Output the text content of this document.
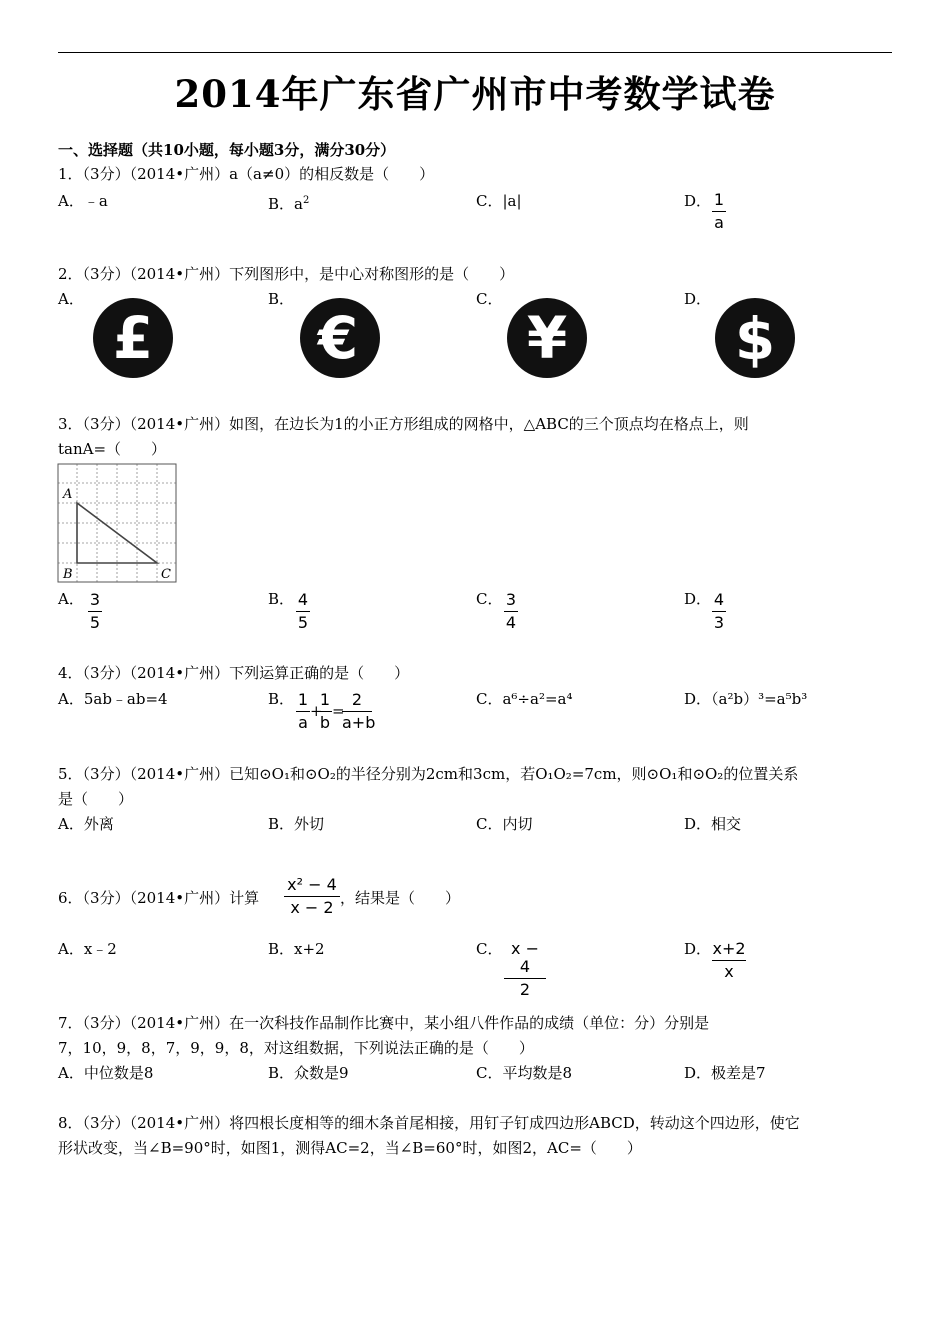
2014年广东省广州市中考数学试卷
一、选择题（共10小题，每小题3分，满分30分）
1．（3分）（2014•广州）a（a≠0）的相反数是（　　）
A．﹣a	B．$a^2$	C．|a|	D． 1
a
2．（3分）（2014•广州）下列图形中，是中心对称图形的是（　　）
A．	B．	C．	D．
£	€	¥	$
3．（3分）（2014•广州）如图，在边长为1的小正方形组成的网格中，△ABC的三个顶点均在格点上，则
tanA=（　　）
A
B	C
A． 3
5
B． 4
5
C． 3
4
D． 4
3
4．（3分）（2014•广州）下列运算正确的是（　　）
A．5ab﹣ab=4	B． 1
a
+
1
b
=
2
a+b
C．a⁶÷a²=a⁴	D．（a²b）³=a⁵b³
5．（3分）（2014•广州）已知⊙O₁和⊙O₂的半径分别为2cm和3cm，若O₁O₂=7cm，则⊙O₁和⊙O₂的位置关系
是（　　）
A．外离	B．外切	C．内切	D．相交
6．（3分）（2014•广州）计算
x² − 4
x − 2 ，结果是（　　）
A．x﹣2	B．x+2	C． x − 4
2
D． x+2
x
7．（3分）（2014•广州）在一次科技作品制作比赛中，某小组八件作品的成绩（单位：分）分别是
7，10，9，8，7，9，9，8，对这组数据，下列说法正确的是（　　）
A．中位数是8	B．众数是9	C．平均数是8	D．极差是7
8．（3分）（2014•广州）将四根长度相等的细木条首尾相接，用钉子钉成四边形ABCD，转动这个四边形，使它
形状改变，当∠B=90°时，如图1，测得AC=2，当∠B=60°时，如图2，AC=（　　）
